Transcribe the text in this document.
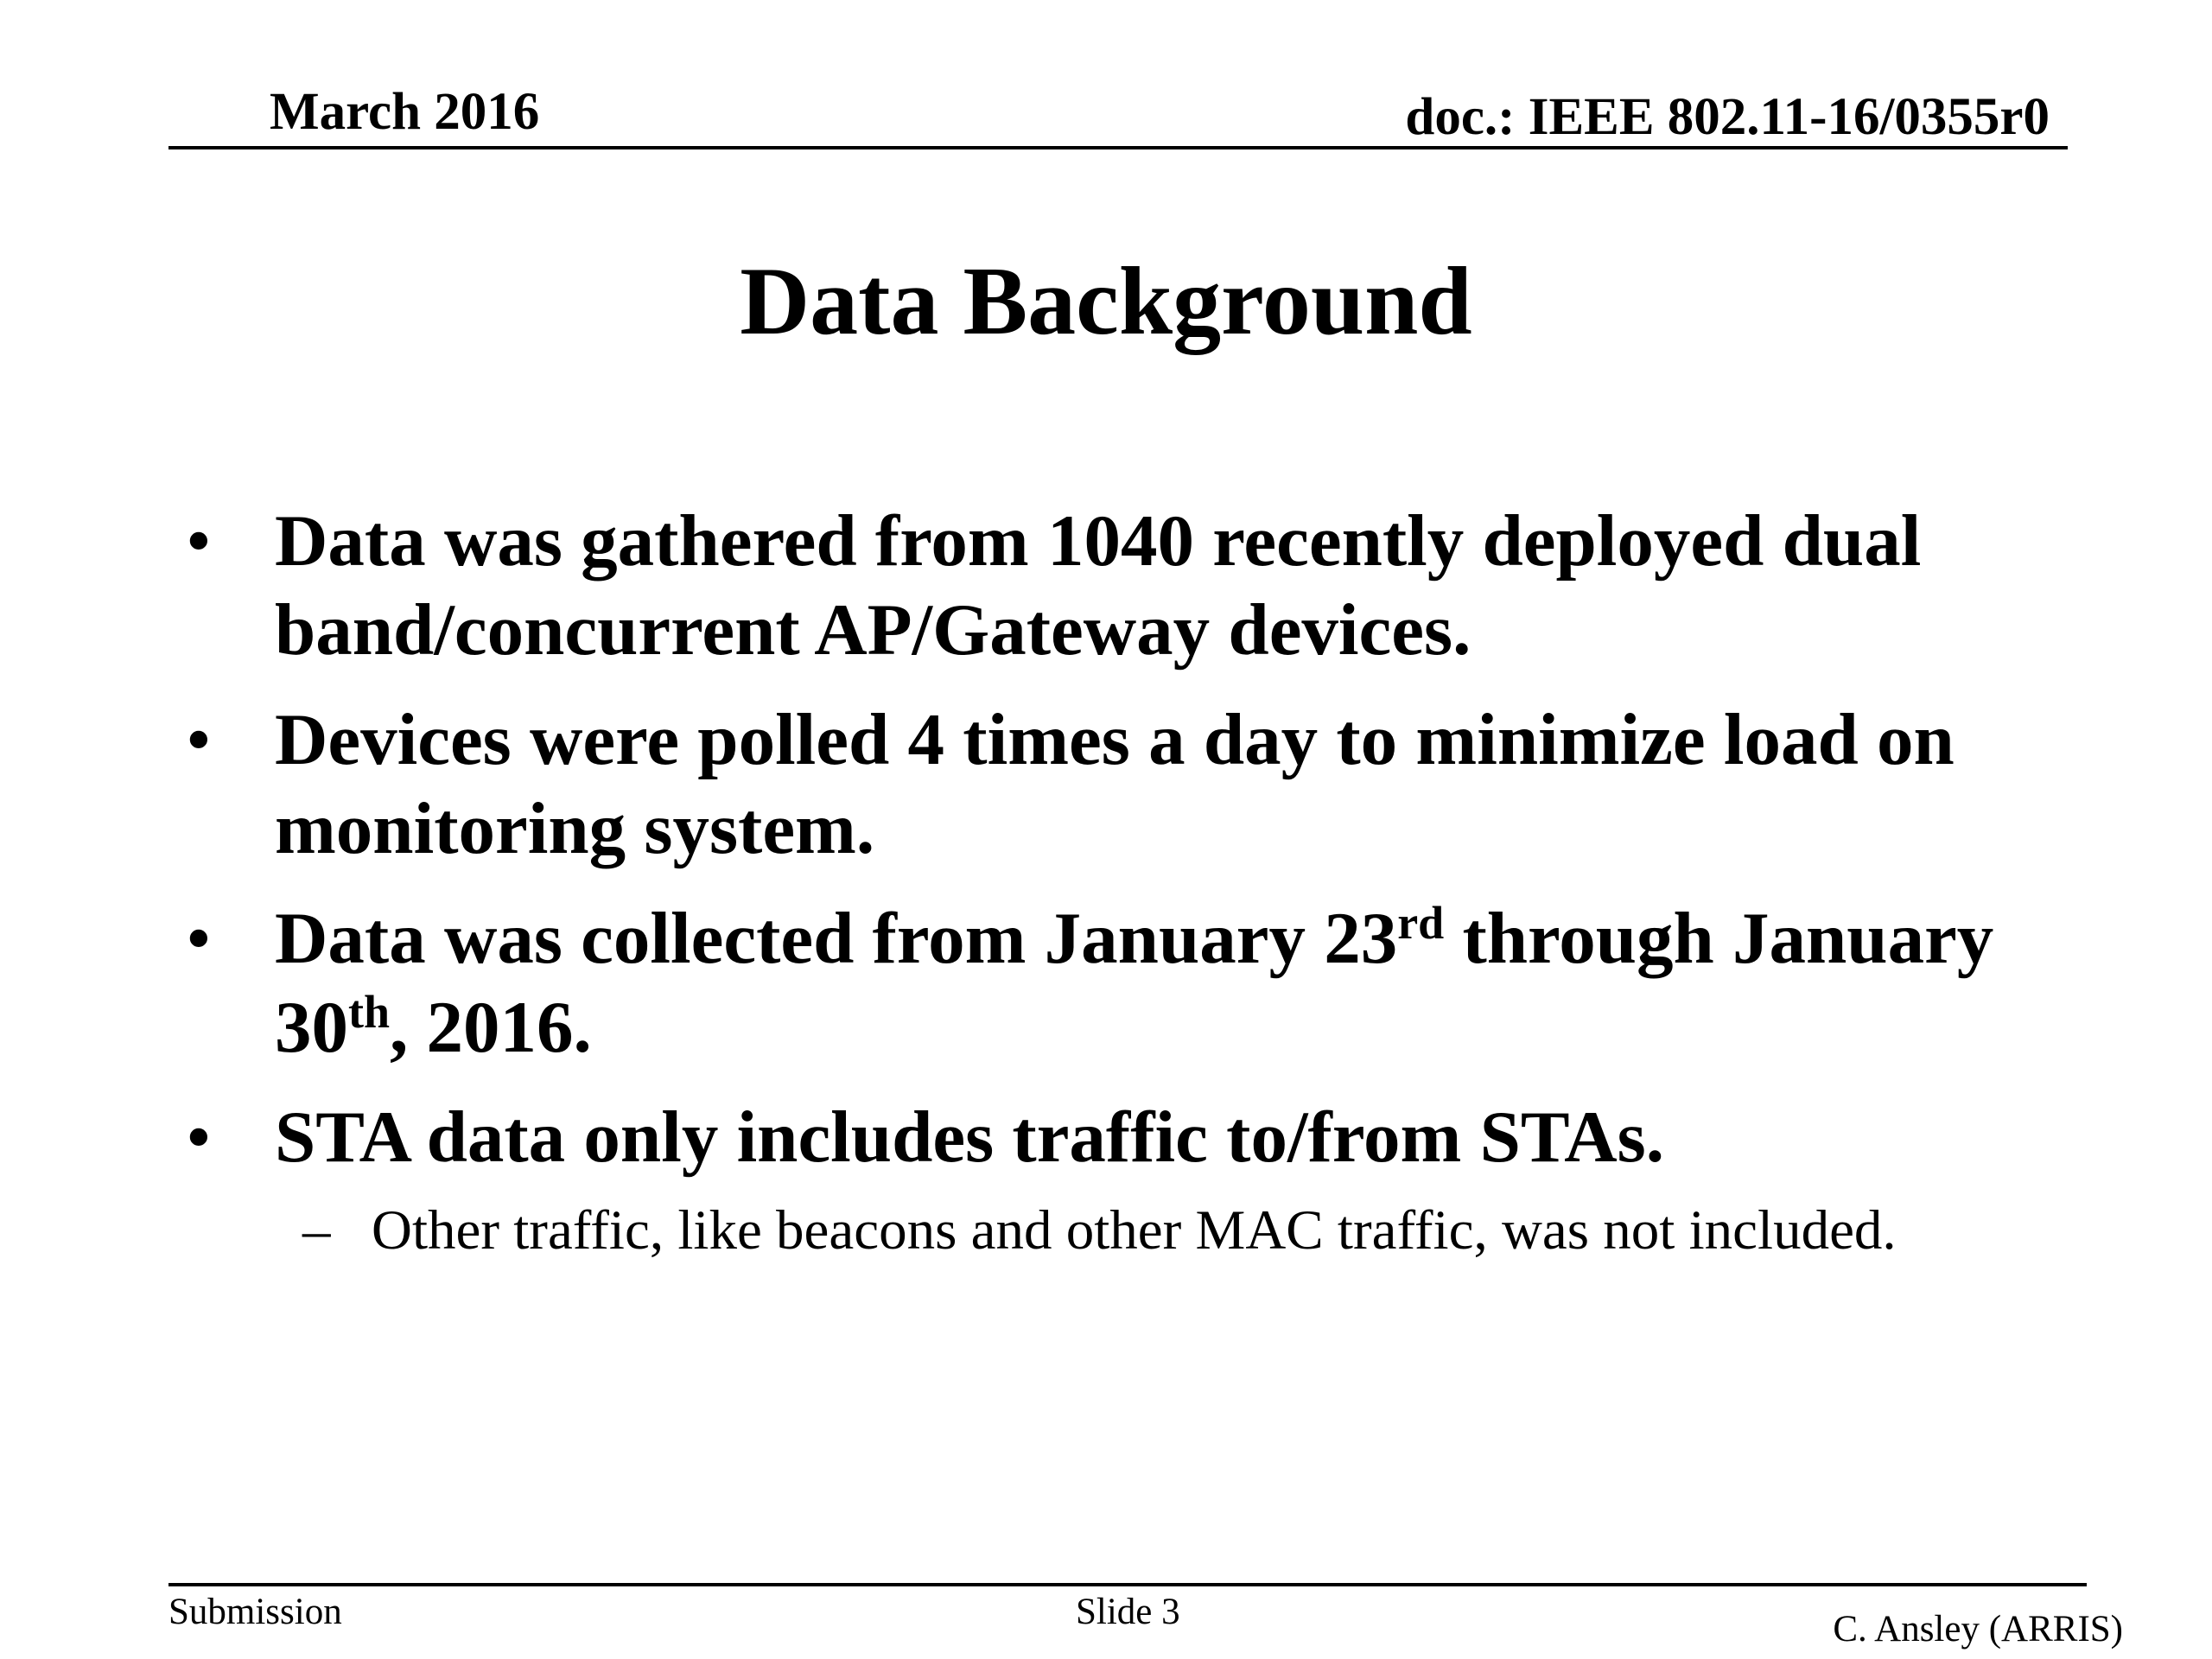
March 2016	doc.: IEEE 802.11-16/0355r0
Data Background
• Data was gathered from 1040 recently deployed dual band/concurrent AP/Gateway devices.
• Devices were polled 4 times a day to minimize load on monitoring system.
• Data was collected from January 23rd through January 30th, 2016.
• STA data only includes traffic to/from STAs.
– Other traffic, like beacons and other MAC traffic, was not included.
Submission	Slide 3	C. Ansley (ARRIS)
